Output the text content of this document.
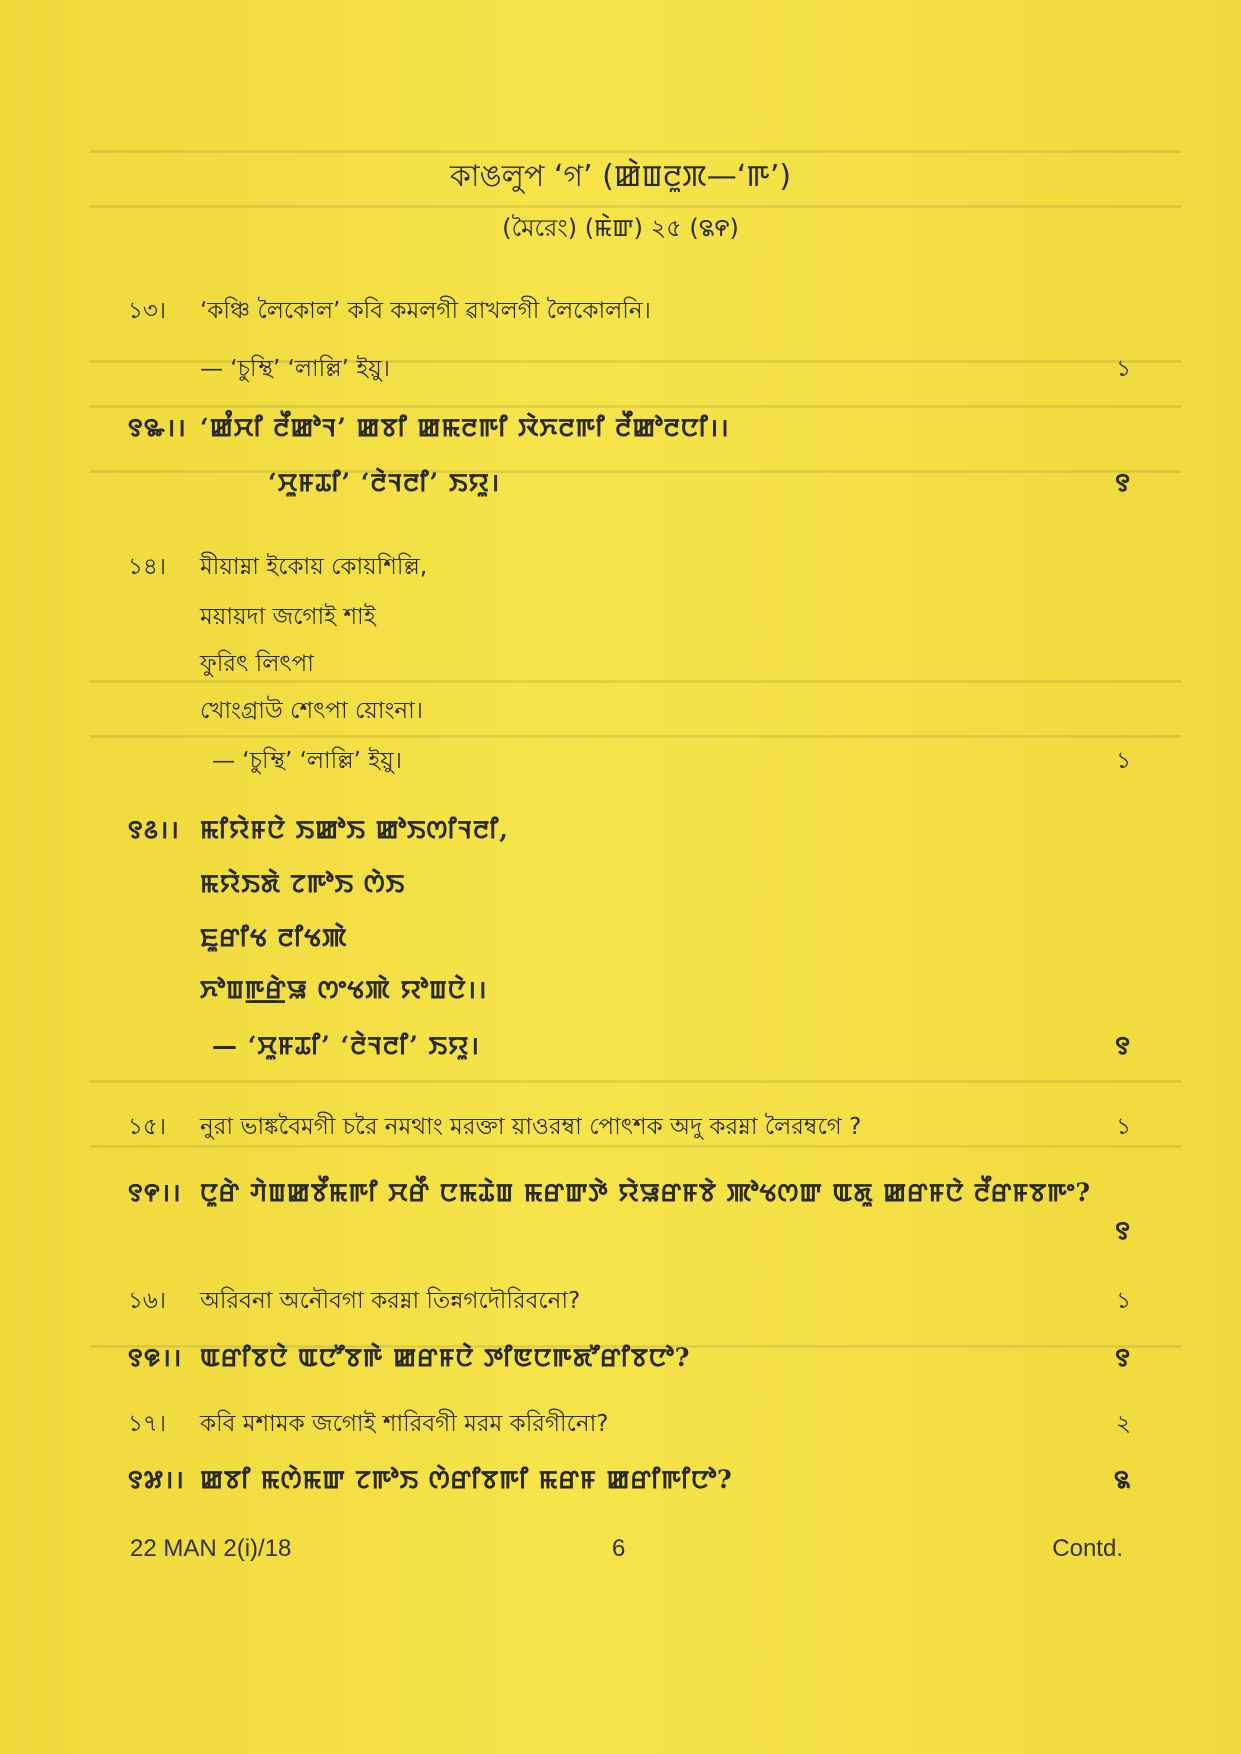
কাঙলুপ ‘গ’ (ꯀꯥꯡꯂꯨꯞ—‘ꯒ’)
(মৈরেং) (ꯃꯥꯛ) ২৫ (꯲꯵)
১৩।	‘কঞ্চি লৈকোল’ কবি কমলগী ৱাখলগী লৈকোলনি।
— ‘চুম্থি’ ‘লাল্লি’ ইয়ু।	১
꯱꯳।। ‘ꯀꯪꯆꯤ ꯂꯩꯀꯣꯜ’ ꯀꯕꯤ ꯀꯃꯂꯒꯤ ꯋꯥꯈꯂꯒꯤ ꯂꯩꯀꯣꯂꯅꯤ।।
‘ꯆꯨꯝꯊꯤ’ ‘ꯂꯥꯜꯂꯤ’ ꯏꯌꯨ।	꯱
১৪।	মীয়াম্না ইকোয় কোয়শিল্লি,
ময়ায়দা জগোই শাই
ফুরিৎ লিৎপা
খোংগ্রাউ শেৎপা য়োংনা।
— ‘চুম্থি’ ‘লাল্লি’ ইয়ু।	১
꯱꯴।। ꯃꯤꯌꯥꯝꯅꯥ ꯏꯀꯣꯏ ꯀꯣꯏꯁꯤꯜꯂꯤ,
ꯃꯌꯥꯏꯗꯥ ꯖꯒꯣꯏ ꯁꯥꯏ
ꯐꯨꯔꯤꯠ ꯂꯤꯠꯄꯥ
ꯈꯣꯡꯒ꯭ꯔꯥꯎ ꯁꯦꯠꯄꯥ ꯌꯣꯡꯅꯥ।।
— ‘ꯆꯨꯝꯊꯤ’ ‘ꯂꯥꯜꯂꯤ’ ꯏꯌꯨ।	꯱
১৫।	নুরা ভাঙ্কবৈমগী চরৈ নমথাং মরক্তা য়াওরম্বা পোৎশক অদু করম্না লৈরম্বগে ?	১
꯱꯵।। ꯅꯨꯔꯥ ꯚꯥꯡꯀꯕꯩꯃꯒꯤ ꯆꯔꯩ ꯅꯃꯊꯥꯡ ꯃꯔꯛꯇꯥ ꯌꯥꯎꯔꯝꯕꯥ ꯄꯣꯠꯁꯛ ꯑꯗꯨ ꯀꯔꯝꯅꯥ ꯂꯩꯔꯝꯕꯒꯦ?
꯱
১৬।	অরিবনা অনৌবগা করম্না তিন্নগদৌরিবনো?	১
꯱꯶।। ꯑꯔꯤꯕꯅꯥ ꯑꯅꯧꯕꯒꯥ ꯀꯔꯝꯅꯥ ꯇꯤꯟꯅꯒꯗꯧꯔꯤꯕꯅꯣ?	꯱
১৭।	কবি মশামক জগোই শারিবগী মরম করিগীনো?	২
꯱꯷।। ꯀꯕꯤ ꯃꯁꯥꯃꯛ ꯖꯒꯣꯏ ꯁꯥꯔꯤꯕꯒꯤ ꯃꯔꯝ ꯀꯔꯤꯒꯤꯅꯣ?	꯲
22 MAN 2(i)/18	6	Contd.
